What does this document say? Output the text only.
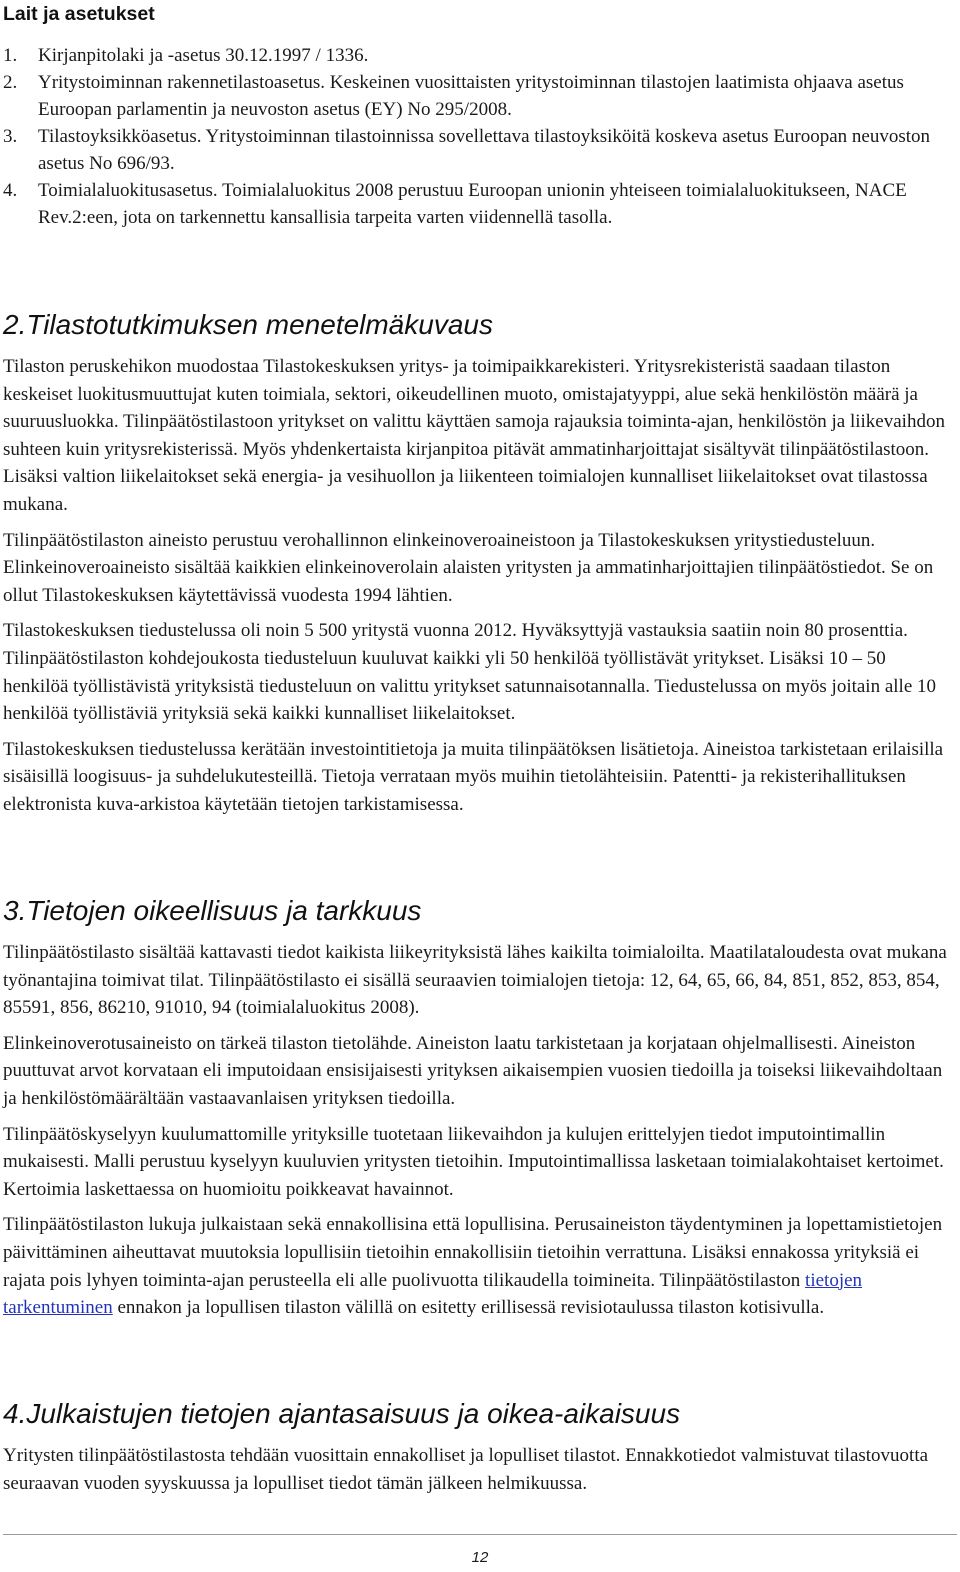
Lait ja asetukset
1. Kirjanpitolaki ja -asetus 30.12.1997 / 1336.
2. Yritystoiminnan rakennetilastoasetus. Keskeinen vuosittaisten yritystoiminnan tilastojen laatimista ohjaava asetus Euroopan parlamentin ja neuvoston asetus (EY) No 295/2008.
3. Tilastoyksikköasetus. Yritystoiminnan tilastoinnissa sovellettava tilastoyksiköitä koskeva asetus Euroopan neuvoston asetus No 696/93.
4. Toimialaluokitusasetus. Toimialaluokitus 2008 perustuu Euroopan unionin yhteiseen toimialaluokitukseen, NACE Rev.2:een, jota on tarkennettu kansallisia tarpeita varten viidennellä tasolla.
2.Tilastotutkimuksen menetelmäkuvaus

Tilaston peruskehikon muodostaa Tilastokeskuksen yritys- ja toimipaikkarekisteri. Yritysrekisteristä saadaan tilaston keskeiset luokitusmuuttujat kuten toimiala, sektori, oikeudellinen muoto, omistajatyyppi, alue sekä henkilöstön määrä ja suuruusluokka. Tilinpäätöstilastoon yritykset on valittu käyttäen samoja rajauksia toiminta-ajan, henkilöstön ja liikevaihdon suhteen kuin yritysrekisterissä. Myös yhdenkertaista kirjanpitoa pitävät ammatinharjoittajat sisältyvät tilinpäätöstilastoon. Lisäksi valtion liikelaitokset sekä energia- ja vesihuollon ja liikenteen toimialojen kunnalliset liikelaitokset ovat tilastossa mukana.

Tilinpäätöstilaston aineisto perustuu verohallinnon elinkeinoveroaineistoon ja Tilastokeskuksen yritystiedusteluun. Elinkeinoveroaineisto sisältää kaikkien elinkeinoverolain alaisten yritysten ja ammatinharjoittajien tilinpäätöstiedot. Se on ollut Tilastokeskuksen käytettävissä vuodesta 1994 lähtien.

Tilastokeskuksen tiedustelussa oli noin 5 500 yritystä vuonna 2012. Hyväksyttyjä vastauksia saatiin noin 80 prosenttia. Tilinpäätöstilaston kohdejoukosta tiedusteluun kuuluvat kaikki yli 50 henkilöä työllistävät yritykset. Lisäksi 10 – 50 henkilöä työllistävistä yrityksistä tiedusteluun on valittu yritykset satunnaisotannalla. Tiedustelussa on myös joitain alle 10 henkilöä työllistäviä yrityksiä sekä kaikki kunnalliset liikelaitokset.

Tilastokeskuksen tiedustelussa kerätään investointitietoja ja muita tilinpäätöksen lisätietoja. Aineistoa tarkistetaan erilaisilla sisäisillä loogisuus- ja suhdelukutesteillä. Tietoja verrataan myös muihin tietolähteisiin. Patentti- ja rekisterihallituksen elektronista kuva-arkistoa käytetään tietojen tarkistamisessa.

3.Tietojen oikeellisuus ja tarkkuus

Tilinpäätöstilasto sisältää kattavasti tiedot kaikista liikeyrityksistä lähes kaikilta toimialoilta. Maatilataloudesta ovat mukana työnantajina toimivat tilat. Tilinpäätöstilasto ei sisällä seuraavien toimialojen tietoja: 12, 64, 65, 66, 84, 851, 852, 853, 854, 85591, 856, 86210, 91010, 94 (toimialaluokitus 2008).

Elinkeinoverotusaineisto on tärkeä tilaston tietolähde. Aineiston laatu tarkistetaan ja korjataan ohjelmallisesti. Aineiston puuttuvat arvot korvataan eli imputoidaan ensisijaisesti yrityksen aikaisempien vuosien tiedoilla ja toiseksi liikevaihdoltaan ja henkilöstömäärältään vastaavanlaisen yrityksen tiedoilla.

Tilinpäätöskyselyyn kuulumattomille yrityksille tuotetaan liikevaihdon ja kulujen erittelyjen tiedot imputointimallin mukaisesti. Malli perustuu kyselyyn kuuluvien yritysten tietoihin. Imputointimallissa lasketaan toimialakohtaiset kertoimet. Kertoimia laskettaessa on huomioitu poikkeavat havainnot.

Tilinpäätöstilaston lukuja julkaistaan sekä ennakollisina että lopullisina. Perusaineiston täydentyminen ja lopettamistietojen päivittäminen aiheuttavat muutoksia lopullisiin tietoihin ennakollisiin tietoihin verrattuna. Lisäksi ennakossa yrityksiä ei rajata pois lyhyen toiminta-ajan perusteella eli alle puolivuotta tilikaudella toimineita. Tilinpäätöstilaston tietojen tarkentuminen ennakon ja lopullisen tilaston välillä on esitetty erillisessä revisiotaulussa tilaston kotisivulla.

4.Julkaistujen tietojen ajantasaisuus ja oikea-aikaisuus

Yritysten tilinpäätöstilastosta tehdään vuosittain ennakolliset ja lopulliset tilastot. Ennakkotiedot valmistuvat tilastovuotta seuraavan vuoden syyskuussa ja lopulliset tiedot tämän jälkeen helmikuussa.

12
